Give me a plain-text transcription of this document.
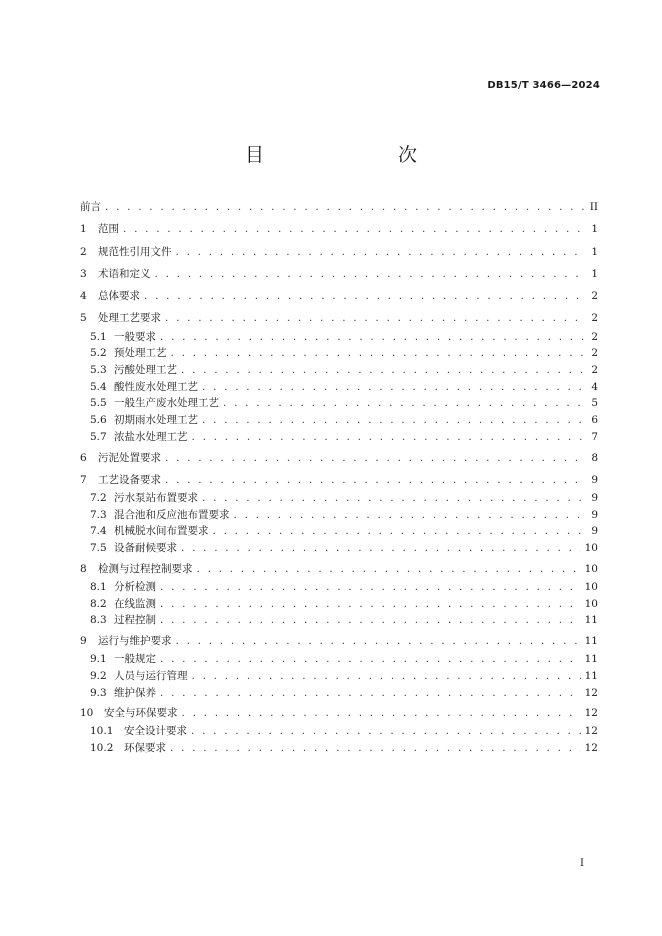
DB15/T 3466—2024
目　　次
前言 . . .	II
1	范围 . . .	1
2	规范性引用文件 . . .	1
3	术语和定义 . . .	1
4	总体要求 . . .	2
5	处理工艺要求 . . .	2
5.1 一般要求 . . .	2
5.2 预处理工艺 . . .	2
5.3 污酸处理工艺 . . .	2
5.4 酸性废水处理工艺 . . .	4
5.5 一般生产废水处理工艺 . . .	5
5.6 初期雨水处理工艺 . . .	6
5.7 浓盐水处理工艺 . . .	7
6	污泥处置要求 . . .	8
7	工艺设备要求 . . .	9
7.2 污水泵站布置要求 . . .	9
7.3 混合池和反应池布置要求 . . .	9
7.4 机械脱水间布置要求 . . .	9
7.5 设备耐候要求 . . .	10
8	检测与过程控制要求 . . .	10
8.1 分析检测 . . .	10
8.2 在线监测 . . .	10
8.3 过程控制 . . .	11
9	运行与维护要求 . . .	11
9.1 一般规定 . . .	11
9.2 人员与运行管理 . . .	11
9.3 维护保养 . . .	12
10	安全与环保要求 . . .	12
10.1	安全设计要求 . . .	12
10.2	环保要求 . . .	12
I
